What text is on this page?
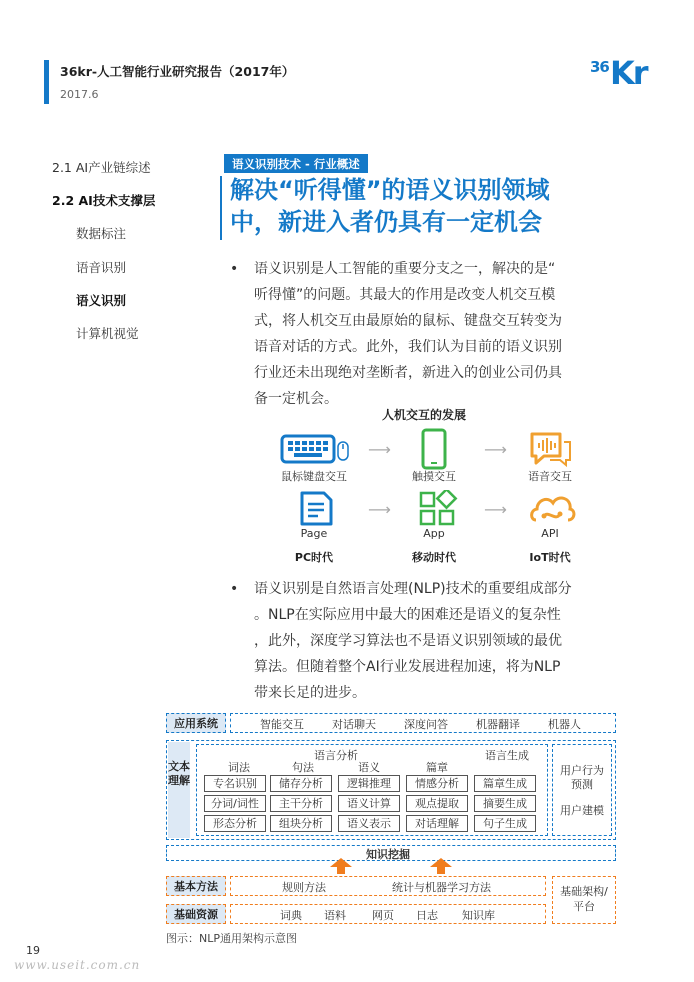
36kr-人工智能行业研究报告（2017年）
2017.6
36 Kr
2.1 AI产业链综述
2.2 AI技术支撑层
数据标注
语音识别
语义识别
计算机视觉
语义识别技术 - 行业概述
解决“听得懂”的语义识别领域
中，新进入者仍具有一定机会
• 语义识别是人工智能的重要分支之一，解决的是“
听得懂”的问题。其最大的作用是改变人机交互模
式，将人机交互由最原始的鼠标、键盘交互转变为
语音对话的方式。此外，我们认为目前的语义识别
行业还未出现绝对垄断者，新进入的创业公司仍具
备一定机会。
人机交互的发展
⟶	⟶
鼠标键盘交互	触摸交互	语音交互
⟶	⟶
Page	App	API
PC时代	移动时代	IoT时代
• 语义识别是自然语言处理(NLP)技术的重要组成部分
。NLP在实际应用中最大的困难还是语义的复杂性
，此外，深度学习算法也不是语义识别领域的最优
算法。但随着整个AI行业发展进程加速，将为NLP
带来长足的进步。
应用系统	智能交互	对话聊天	深度问答	机器翻译	机器人
文本理解
语言分析	语言生成
词法	句法	语义	篇章
专名识别	储存分析	逻辑推理	情感分析	篇章生成
分词/词性	主干分析	语义计算	观点提取	摘要生成
形态分析	组块分析	语义表示	对话理解	句子生成
用户行为预测
用户建模
知识挖掘
基本方法	规则方法	统计与机器学习方法
基础资源	词典 语料 网页 日志 知识库
基础架构/平台
图示：NLP通用架构示意图
19
www.useit.com.cn
